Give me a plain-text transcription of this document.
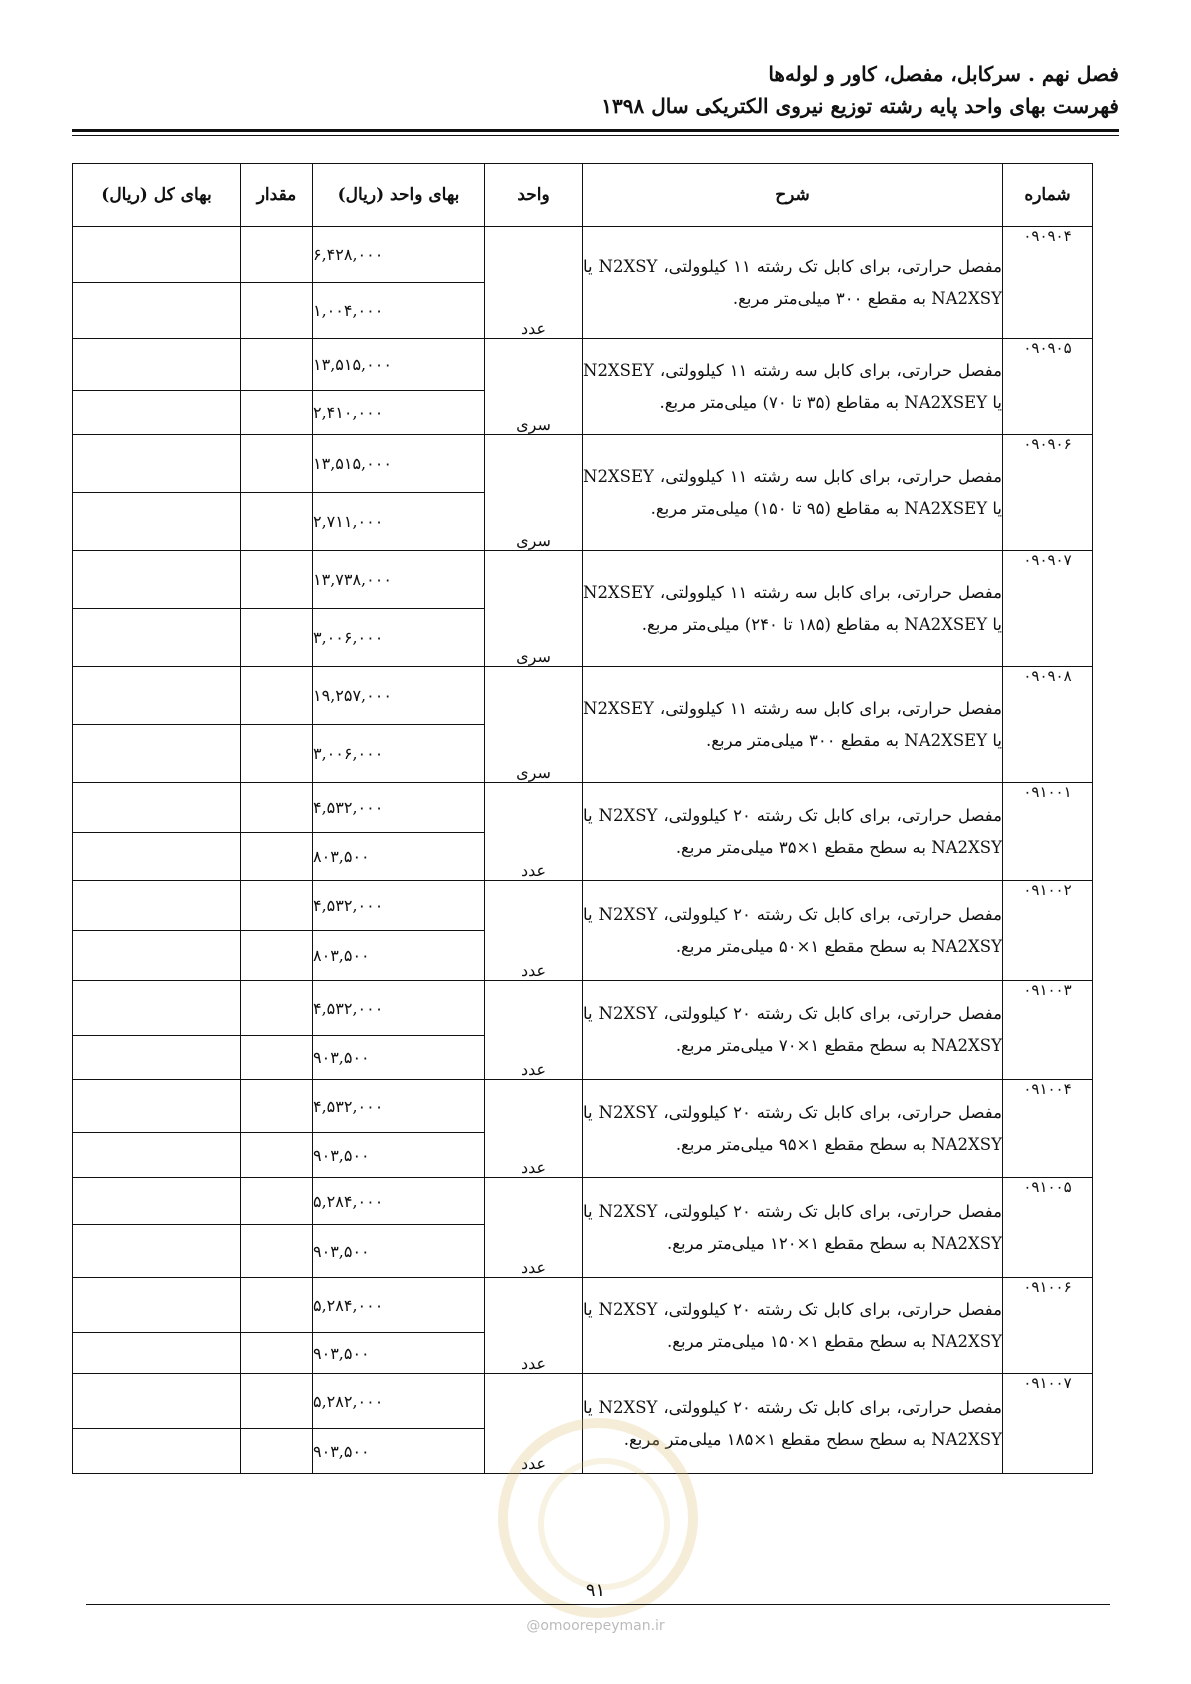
فصل نهم . سرکابل، مفصل، کاور و لوله‌ها
فهرست بهای واحد پایه رشته توزیع نیروی الکتریکی سال ۱۳۹۸
شماره	شرح	واحد	بهای واحد (ریال)	مقدار	بهای کل (ریال)
۰۹۰۹۰۴	مفصل حرارتی، برای کابل تک رشته ۱۱ کیلوولتی، N2XSY یا NA2XSY به مقطع ۳۰۰ میلی‌متر مربع.	عدد	۶,۴۲۸,۰۰۰		
			۱,۰۰۴,۰۰۰		
۰۹۰۹۰۵	مفصل حرارتی، برای کابل سه رشته ۱۱ کیلوولتی، N2XSEY یا NA2XSEY به مقاطع (۳۵ تا ۷۰) میلی‌متر مربع.	سری	۱۳,۵۱۵,۰۰۰		
			۲,۴۱۰,۰۰۰		
۰۹۰۹۰۶	مفصل حرارتی، برای کابل سه رشته ۱۱ کیلوولتی، N2XSEY یا NA2XSEY به مقاطع (۹۵ تا ۱۵۰) میلی‌متر مربع.	سری	۱۳,۵۱۵,۰۰۰		
			۲,۷۱۱,۰۰۰		
۰۹۰۹۰۷	مفصل حرارتی، برای کابل سه رشته ۱۱ کیلوولتی، N2XSEY یا NA2XSEY به مقاطع (۱۸۵ تا ۲۴۰) میلی‌متر مربع.	سری	۱۳,۷۳۸,۰۰۰		
			۳,۰۰۶,۰۰۰		
۰۹۰۹۰۸	مفصل حرارتی، برای کابل سه رشته ۱۱ کیلوولتی، N2XSEY یا NA2XSEY به مقطع ۳۰۰ میلی‌متر مربع.	سری	۱۹,۲۵۷,۰۰۰		
			۳,۰۰۶,۰۰۰		
۰۹۱۰۰۱	مفصل حرارتی، برای کابل تک رشته ۲۰ کیلوولتی، N2XSY یا NA2XSY به سطح مقطع ۱×۳۵ میلی‌متر مربع.	عدد	۴,۵۳۲,۰۰۰		
			۸۰۳,۵۰۰		
۰۹۱۰۰۲	مفصل حرارتی، برای کابل تک رشته ۲۰ کیلوولتی، N2XSY یا NA2XSY به سطح مقطع ۱×۵۰ میلی‌متر مربع.	عدد	۴,۵۳۲,۰۰۰		
			۸۰۳,۵۰۰		
۰۹۱۰۰۳	مفصل حرارتی، برای کابل تک رشته ۲۰ کیلوولتی، N2XSY یا NA2XSY به سطح مقطع ۱×۷۰ میلی‌متر مربع.	عدد	۴,۵۳۲,۰۰۰		
			۹۰۳,۵۰۰		
۰۹۱۰۰۴	مفصل حرارتی، برای کابل تک رشته ۲۰ کیلوولتی، N2XSY یا NA2XSY به سطح مقطع ۱×۹۵ میلی‌متر مربع.	عدد	۴,۵۳۲,۰۰۰		
			۹۰۳,۵۰۰		
۰۹۱۰۰۵	مفصل حرارتی، برای کابل تک رشته ۲۰ کیلوولتی، N2XSY یا NA2XSY به سطح مقطع ۱×۱۲۰ میلی‌متر مربع.	عدد	۵,۲۸۴,۰۰۰		
			۹۰۳,۵۰۰		
۰۹۱۰۰۶	مفصل حرارتی، برای کابل تک رشته ۲۰ کیلوولتی، N2XSY یا NA2XSY به سطح مقطع ۱×۱۵۰ میلی‌متر مربع.	عدد	۵,۲۸۴,۰۰۰		
			۹۰۳,۵۰۰		
۰۹۱۰۰۷	مفصل حرارتی، برای کابل تک رشته ۲۰ کیلوولتی، N2XSY یا NA2XSY به سطح سطح مقطع ۱×۱۸۵ میلی‌متر مربع.	عدد	۵,۲۸۲,۰۰۰		
			۹۰۳,۵۰۰		
۹۱
@omoorepeyman.ir
